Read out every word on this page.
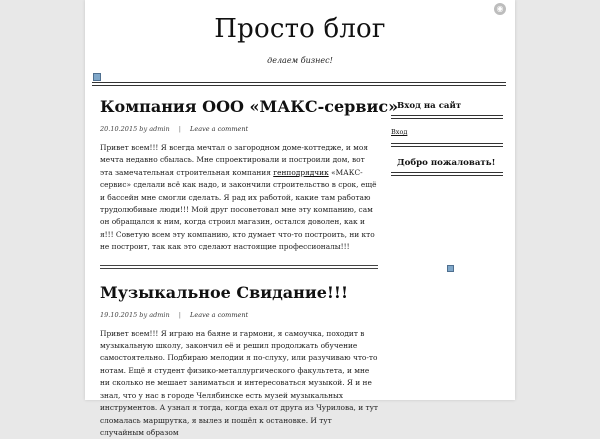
◉
Просто блог
делаем бизнес!
Компания ООО «МАКС-сервис»
20.10.2015 by admin | Leave a comment

Привет всем!!! Я всегда мечтал о загородном доме-коттедже, и моя мечта недавно сбылась. Мне спроектировали и построили дом, вот эта замечательная строительная компания генподрядчик «МАКС-сервис» сделали всё как надо, и закончили строительство в срок, ещё и бассейн мне смогли сделать. Я рад их работой, какие там работаю трудолюбивые люди!!! Мой друг посоветовал мне эту компанию, сам он обращался к ним, когда строил магазин, остался доволен, как и я!!! Советую всем эту компанию, кто думает что-то построить, ни кто не построит, так как это сделают настоящие профессионалы!!!

Музыкальное Свидание!!!
19.10.2015 by admin | Leave a comment

Привет всем!!! Я играю на баяне и гармони, я самоучка, походит в музыкальную школу, закончил её и решил продолжать обучение самостоятельно. Подбираю мелодии я по-слуху, или разучиваю что-то нотам. Ещё я студент физико-металлургического факультета, и мне ни сколько не мешает заниматься и интересоваться музыкой. Я и не знал, что у нас в городе Челябинске есть музей музыкальных инструментов. А узнал я тогда, когда ехал от друга из Чурилова, и тут сломалась маршрутка, я вылез и пошёл к остановке. И тут случайным образом

Вход на сайт
Вход
Добро пожаловать!
